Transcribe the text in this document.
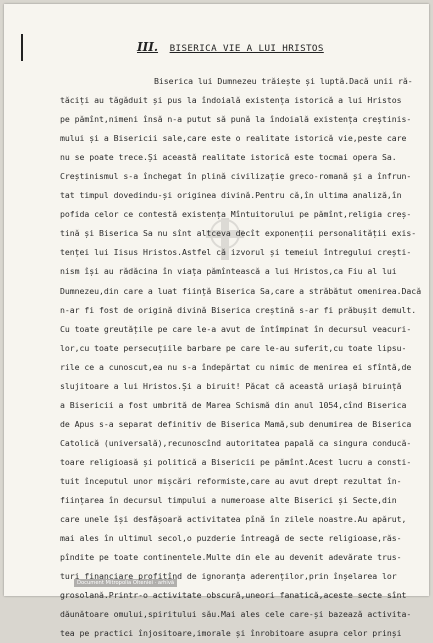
III. BISERICA VIE A LUI HRISTOS
Biserica lui Dumnezeu trăiește și luptă.Dacă unii ră-
tăciți au tăgăduit și pus la îndoială existența istorică a lui Hristos
pe pămînt,nimeni însă n-a putut să pună la îndoială existența creștinis-
mului și a Bisericii sale,care este o realitate istorică vie,peste care
nu se poate trece.Și această realitate istorică este tocmai opera Sa.
Creștinismul s-a închegat în plină civilizație greco-romană și a înfrun-
tat timpul dovedindu-și originea divină.Pentru că,în ultima analiză,în
pofida celor ce contestă existența Mîntuitorului pe pămînt,religia creș-
tină și Biserica Sa nu sînt altceva decît exponenții personalității exis-
tenței lui Iisus Hristos.Astfel că izvorul și temeiul întregului crești-
nism își au rădăcina în viața pămîntească a lui Hristos,ca Fiu al lui
Dumnezeu,din care a luat ființă Biserica Sa,care a străbătut omenirea.Dacă
n-ar fi fost de origină divină Biserica creștină s-ar fi prăbușit demult.
Cu toate greutățile pe care le-a avut de întîmpinat în decursul veacuri-
lor,cu toate persecuțiile barbare pe care le-au suferit,cu toate lipsu-
rile ce a cunoscut,ea nu s-a îndepărtat cu nimic de menirea ei sfîntă,de
slujitoare a lui Hristos.Și a biruit! Păcat că această uriașă biruință
a Bisericii a fost umbrită de Marea Schismă din anul 1054,cînd Biserica
de Apus s-a separat definitiv de Biserica Mamă,sub denumirea de Biserica
Catolică (universală),recunoscînd autoritatea papală ca singura conducă-
toare religioasă și politică a Bisericii pe pămînt.Acest lucru a consti-
tuit începutul unor mișcări reformiste,care au avut drept rezultat în-
ființarea în decursul timpului a numeroase alte Biserici și Secte,din
care unele își desfășoară activitatea pînă în zilele noastre.Au apărut,
mai ales în ultimul secol,o puzderie întreagă de secte religioase,răs-
pîndite pe toate continentele.Multe din ele au devenit adevărate trus-
turi financiare profitînd de ignoranța aderenților,prin înșelarea lor
grosolană.Printr-o activitate obscură,uneori fanatică,aceste secte sînt
dăunătoare omului,spiritului său.Mai ales cele care-și bazează activita-
tea pe practici înjositoare,imorale și înrobitoare asupra celor prinși
Document Mitropolia Olteniei · arhivă
